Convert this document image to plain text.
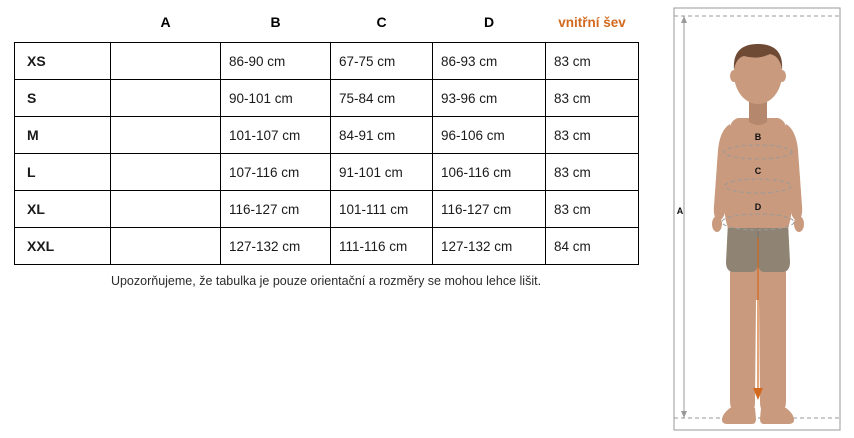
	A	B	C	D	vnitřní šev
XS		86-90 cm	67-75 cm	86-93 cm	83 cm
S		90-101 cm	75-84 cm	93-96 cm	83 cm
M		101-107 cm	84-91 cm	96-106 cm	83 cm
L		107-116 cm	91-101 cm	106-116 cm	83 cm
XL		116-127 cm	101-111 cm	116-127 cm	83 cm
XXL		127-132 cm	111-116 cm	127-132 cm	84 cm
Upozorňujeme, že tabulka je pouze orientační a rozměry se mohou lehce lišit.
A
B
C
D
